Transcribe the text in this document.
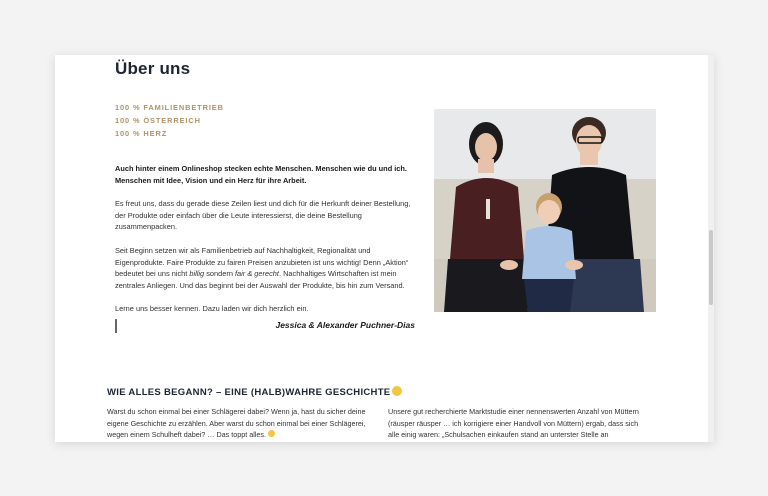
Über uns
100 % FAMILIENBETRIEB
100 % ÖSTERREICH
100 % HERZ

Auch hinter einem Onlineshop stecken echte Menschen. Menschen wie du und ich. Menschen mit Idee, Vision und ein Herz für ihre Arbeit.

Es freut uns, dass du gerade diese Zeilen liest und dich für die Herkunft deiner Bestellung, der Produkte oder einfach über die Leute interessierst, die deine Bestellung zusammenpacken.

Seit Beginn setzen wir als Familienbetrieb auf Nachhaltigkeit, Regionalität und Eigenprodukte. Faire Produkte zu fairen Preisen anzubieten ist uns wichtig! Denn „Aktion“ bedeutet bei uns nicht billig sondern fair & gerecht. Nachhaltiges Wirtschaften ist mein zentrales Anliegen. Und das beginnt bei der Auswahl der Produkte, bis hin zum Versand.

Lerne uns besser kennen. Dazu laden wir dich herzlich ein.

Jessica & Alexander Puchner-Dias
WIE ALLES BEGANN? – EINE (HALB)WAHRE GESCHICHTE
Warst du schon einmal bei einer Schlägerei dabei? Wenn ja, hast du sicher deine eigene Geschichte zu erzählen. Aber warst du schon einmal bei einer Schlägerei, wegen einem Schulheft dabei? … Das toppt alles.
Unsere gut recherchierte Marktstudie einer nennenswerten Anzahl von Müttern (räusper räusper … ich korrigiere einer Handvoll von Müttern) ergab, dass sich alle einig waren: „Schulsachen einkaufen stand an unterster Stelle an
